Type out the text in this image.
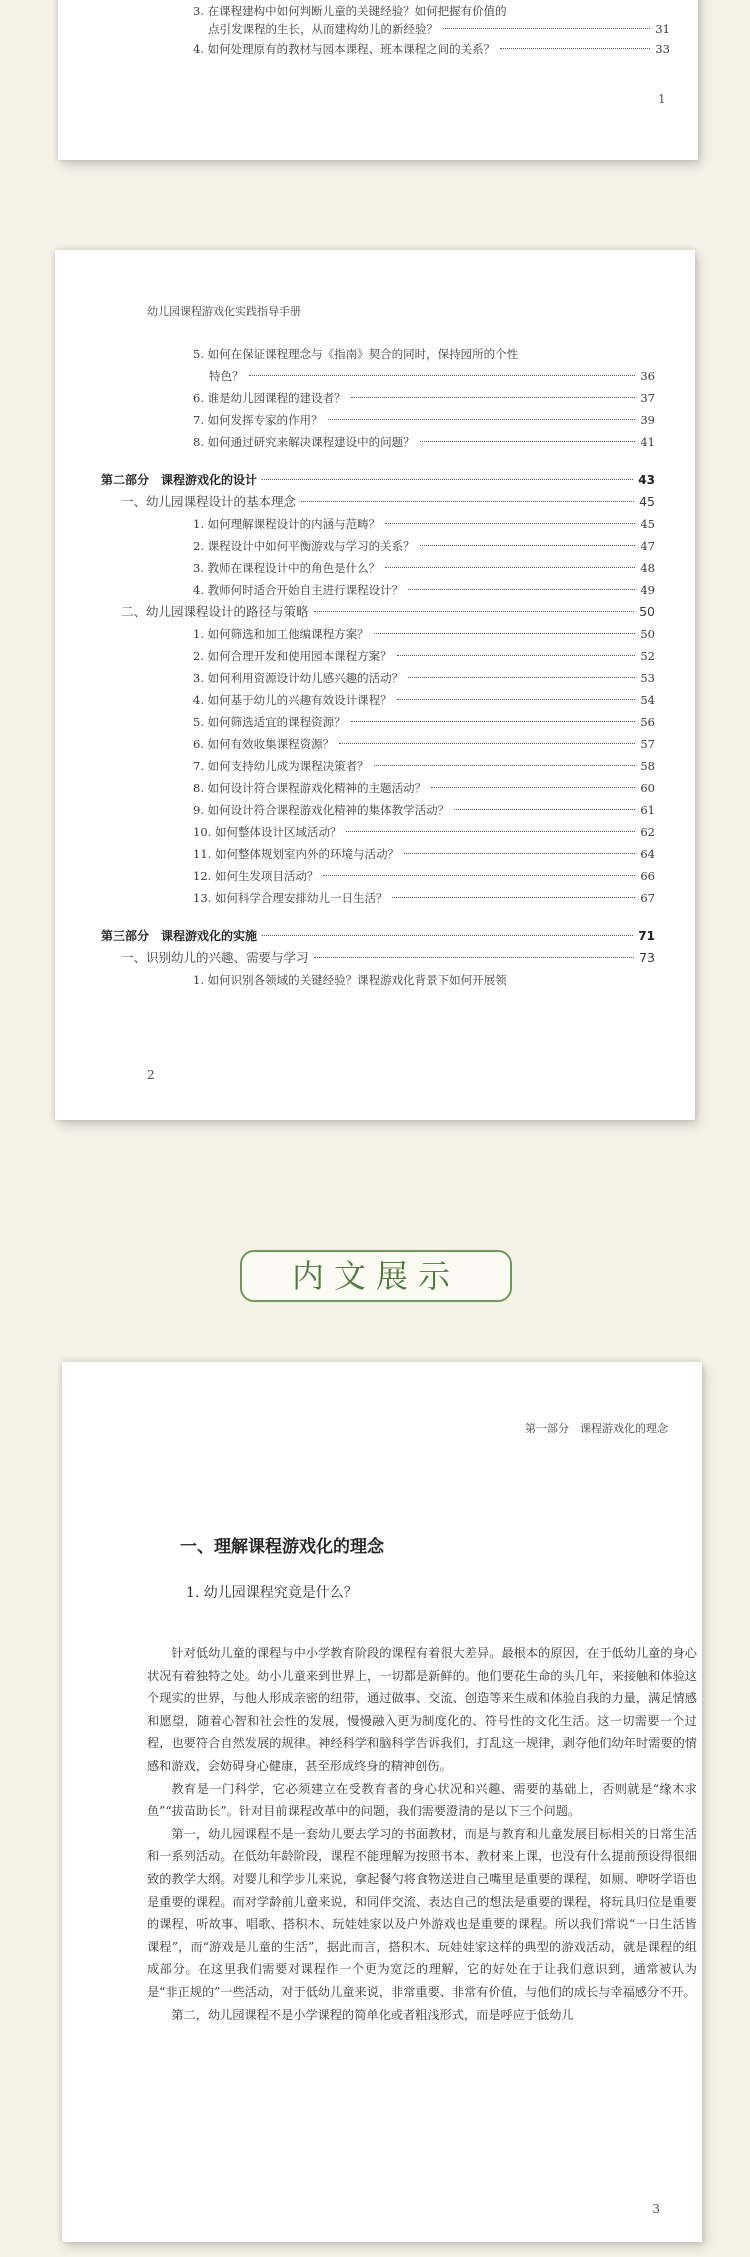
3. 在课程建构中如何判断儿童的关键经验？如何把握有价值的
点引发课程的生长，从而建构幼儿的新经验？	31
4. 如何处理原有的教材与园本课程、班本课程之间的关系？	33
1
幼儿园课程游戏化实践指导手册
5. 如何在保证课程理念与《指南》契合的同时，保持园所的个性
特色？	36
6. 谁是幼儿园课程的建设者？	37
7. 如何发挥专家的作用？	39
8. 如何通过研究来解决课程建设中的问题？	41
第二部分　课程游戏化的设计	43
一、幼儿园课程设计的基本理念	45
1. 如何理解课程设计的内涵与范畴？	45
2. 课程设计中如何平衡游戏与学习的关系？	47
3. 教师在课程设计中的角色是什么？	48
4. 教师何时适合开始自主进行课程设计？	49
二、幼儿园课程设计的路径与策略	50
1. 如何筛选和加工他编课程方案？	50
2. 如何合理开发和使用园本课程方案？	52
3. 如何利用资源设计幼儿感兴趣的活动？	53
4. 如何基于幼儿的兴趣有效设计课程？	54
5. 如何筛选适宜的课程资源？	56
6. 如何有效收集课程资源？	57
7. 如何支持幼儿成为课程决策者？	58
8. 如何设计符合课程游戏化精神的主题活动？	60
9. 如何设计符合课程游戏化精神的集体教学活动？	61
10. 如何整体设计区域活动？	62
11. 如何整体规划室内外的环境与活动？	64
12. 如何生发项目活动？	66
13. 如何科学合理安排幼儿一日生活？	67
第三部分　课程游戏化的实施	71
一、识别幼儿的兴趣、需要与学习	73
1. 如何识别各领域的关键经验？课程游戏化背景下如何开展领
2
内文展示
第一部分　课程游戏化的理念
一、理解课程游戏化的理念
1. 幼儿园课程究竟是什么？

针对低幼儿童的课程与中小学教育阶段的课程有着很大差异。最根本的原因，在于低幼儿童的身心状况有着独特之处。幼小儿童来到世界上，一切都是新鲜的。他们要花生命的头几年，来接触和体验这个现实的世界，与他人形成亲密的纽带，通过做事、交流、创造等来生成和体验自我的力量，满足情感和愿望，随着心智和社会性的发展，慢慢融入更为制度化的、符号性的文化生活。这一切需要一个过程，也要符合自然发展的规律。神经科学和脑科学告诉我们，打乱这一规律，剥夺他们幼年时需要的情感和游戏，会妨碍身心健康，甚至形成终身的精神创伤。

教育是一门科学，它必须建立在受教育者的身心状况和兴趣、需要的基础上，否则就是“缘木求鱼”“拔苗助长”。针对目前课程改革中的问题，我们需要澄清的是以下三个问题。

第一，幼儿园课程不是一套幼儿要去学习的书面教材，而是与教育和儿童发展目标相关的日常生活和一系列活动。在低幼年龄阶段，课程不能理解为按照书本、教材来上课，也没有什么提前预设得很细致的教学大纲。对婴儿和学步儿来说，拿起餐勺将食物送进自己嘴里是重要的课程，如厕、咿呀学语也是重要的课程。而对学龄前儿童来说，和同伴交流、表达自己的想法是重要的课程，将玩具归位是重要的课程，听故事、唱歌、搭积木、玩娃娃家以及户外游戏也是重要的课程。所以我们常说“一日生活皆课程”，而“游戏是儿童的生活”，据此而言，搭积木、玩娃娃家这样的典型的游戏活动，就是课程的组成部分。在这里我们需要对课程作一个更为宽泛的理解，它的好处在于让我们意识到，通常被认为是“非正规的”一些活动，对于低幼儿童来说，非常重要、非常有价值，与他们的成长与幸福感分不开。

第二，幼儿园课程不是小学课程的简单化或者粗浅形式，而是呼应于低幼儿

3
